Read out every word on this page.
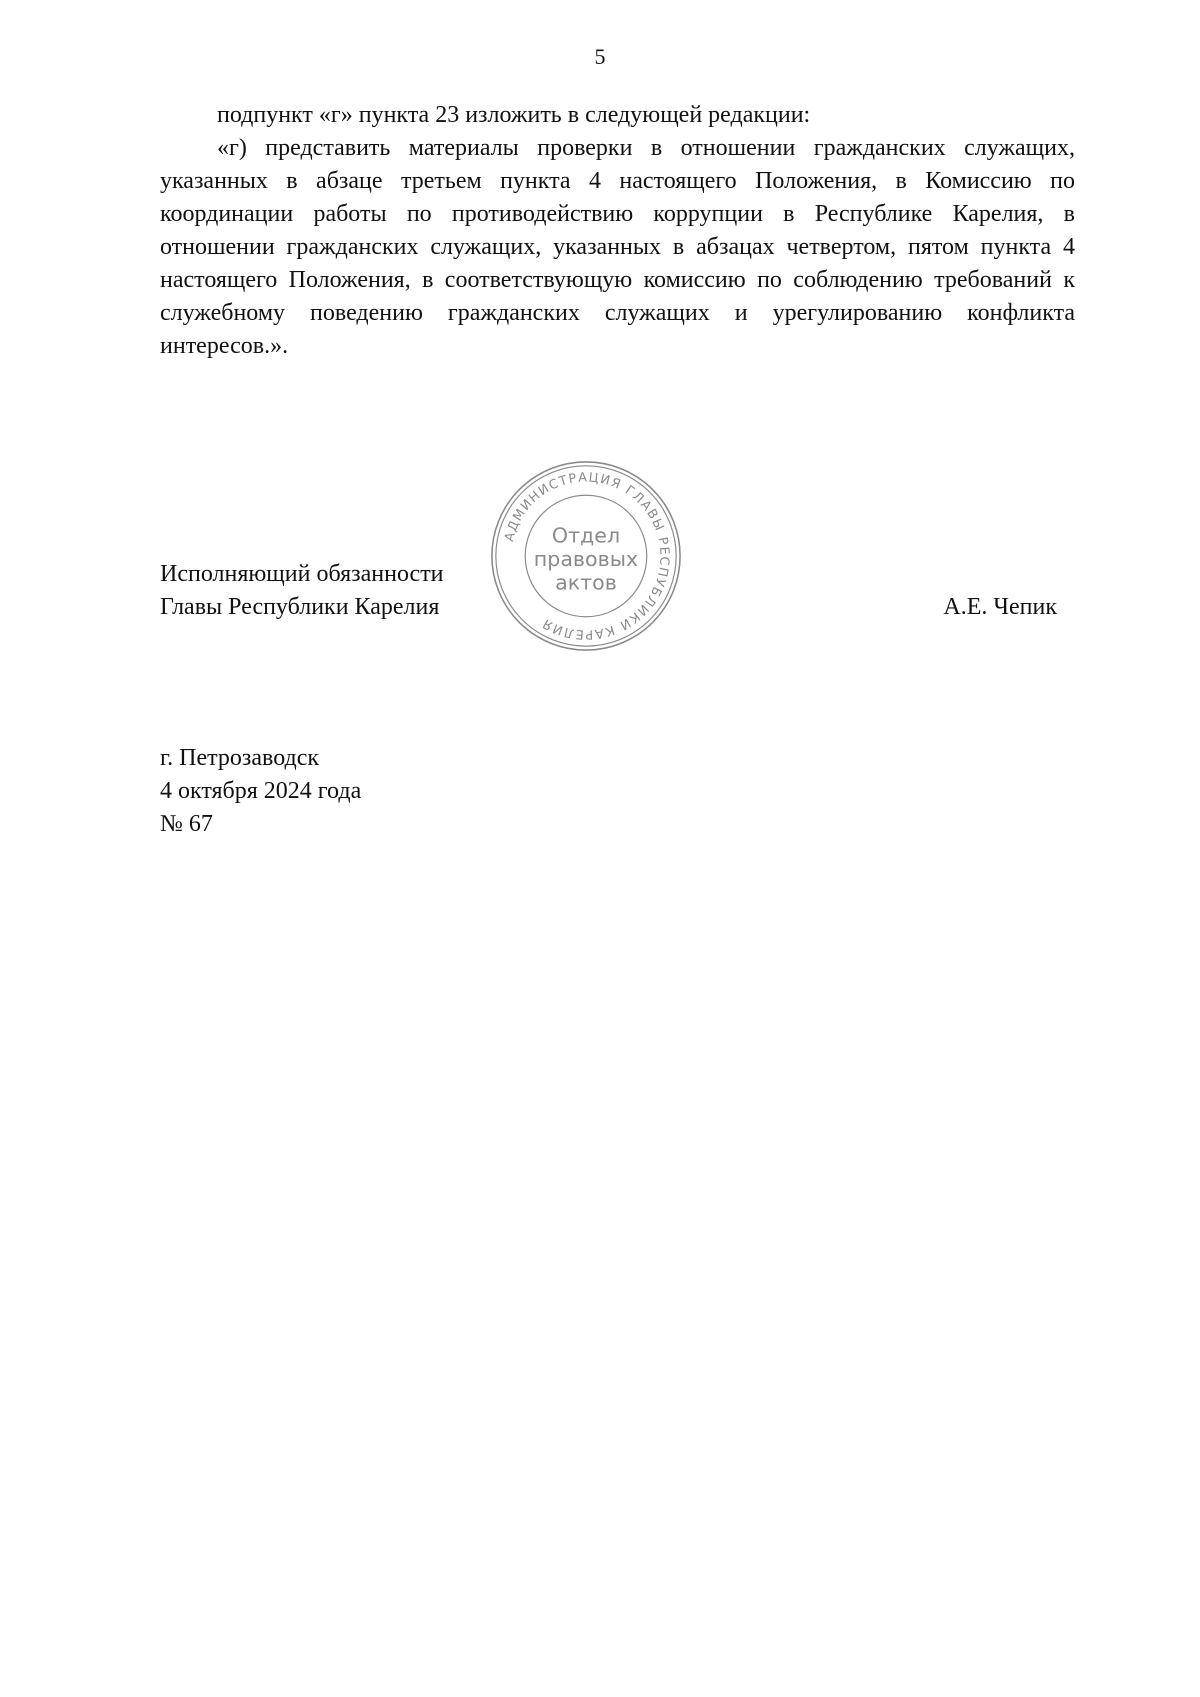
5

подпункт «г» пункта 23 изложить в следующей редакции:

«г) представить материалы проверки в отношении гражданских служащих, указанных в абзаце третьем пункта 4 настоящего Положения, в Комиссию по координации работы по противодействию коррупции в Республике Карелия, в отношении гражданских служащих, указанных в абзацах четвертом, пятом пункта 4 настоящего Положения, в соответствующую комиссию по соблюдению требований к служебному поведению гражданских служащих и урегулированию конфликта интересов.».

Исполняющий обязанности
Главы Республики Карелия	А.Е. Чепик
АДМИНИСТРАЦИЯ ГЛАВЫ РЕСПУБЛИКИ КАРЕЛИЯ
Отдел
правовых
актов
г. Петрозаводск
4 октября 2024 года
№ 67
